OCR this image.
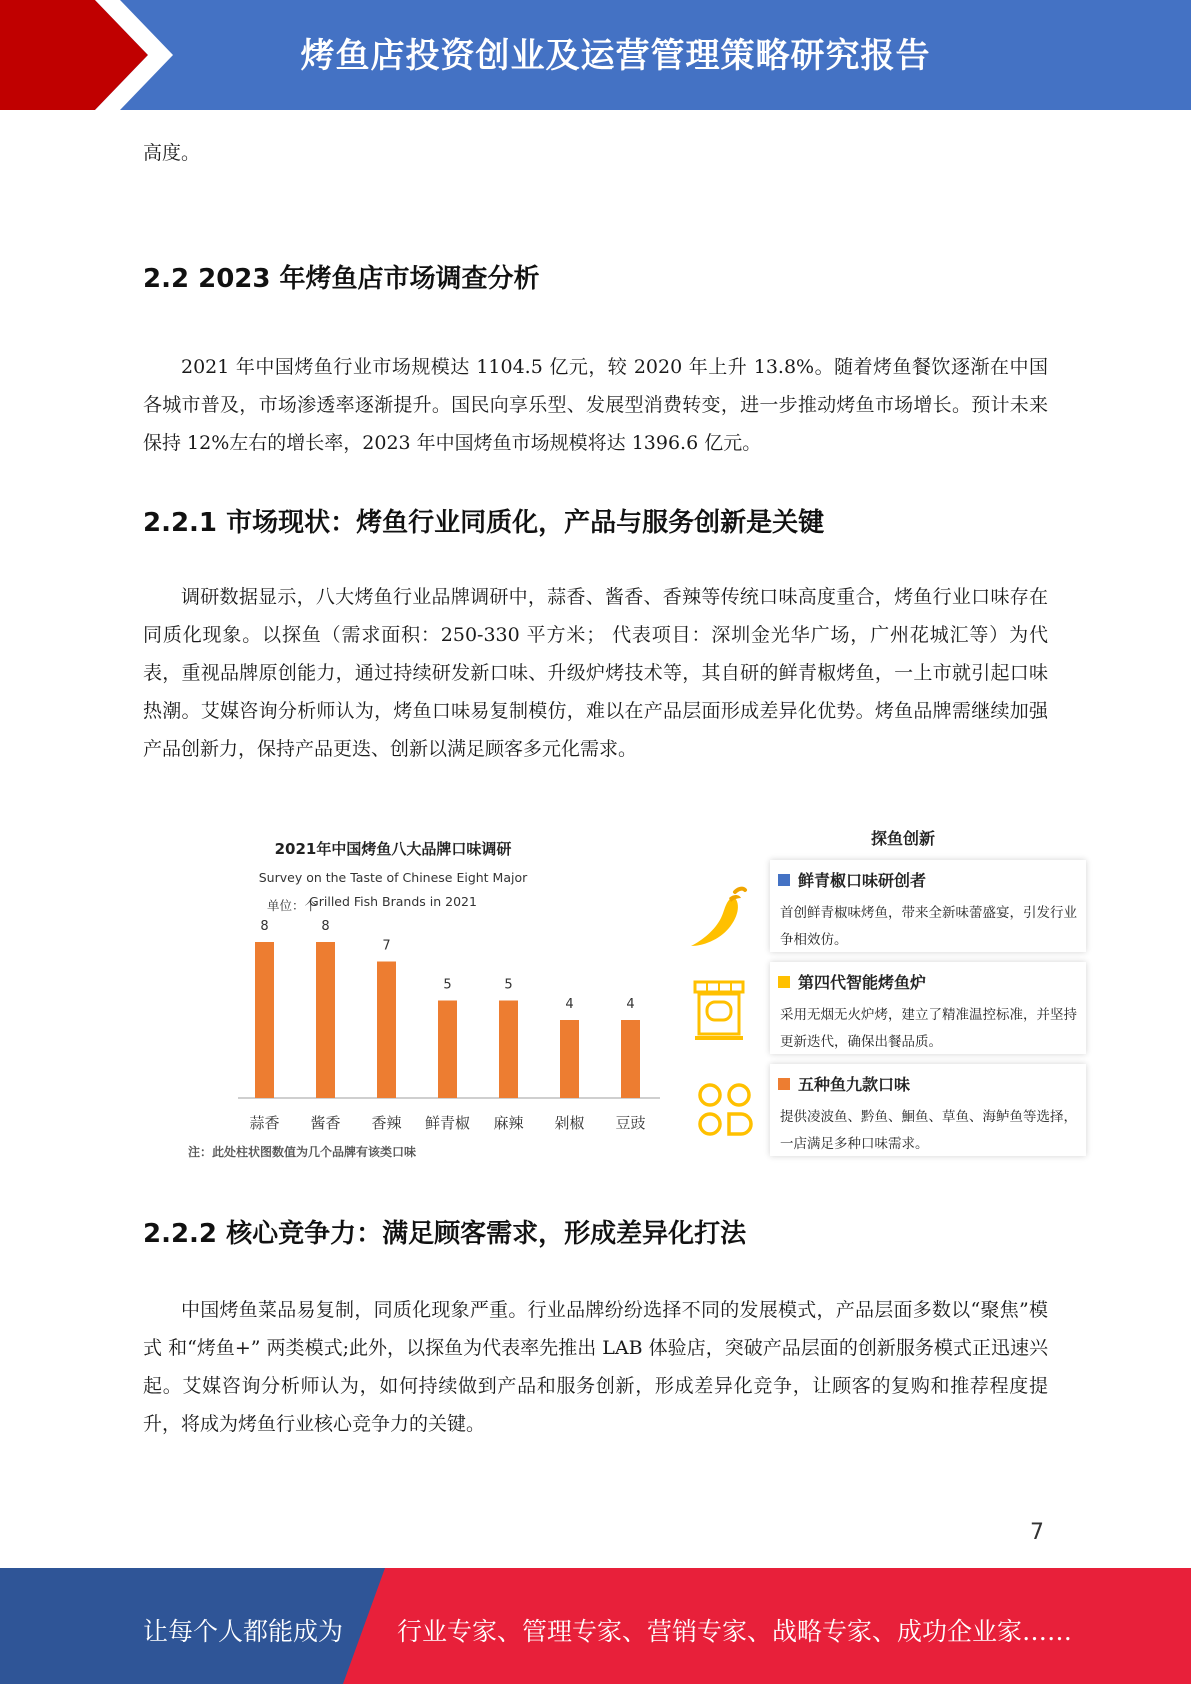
烤鱼店投资创业及运营管理策略研究报告

高度。

2.2 2023 年烤鱼店市场调查分析

2021 年中国烤鱼行业市场规模达 1104.5 亿元，较 2020 年上升 13.8%。随着烤鱼餐饮逐渐在中国各城市普及，市场渗透率逐渐提升。国民向享乐型、发展型消费转变，进一步推动烤鱼市场增长。预计未来保持 12%左右的增长率，2023 年中国烤鱼市场规模将达 1396.6 亿元。

2.2.1 市场现状：烤鱼行业同质化，产品与服务创新是关键

调研数据显示，八大烤鱼行业品牌调研中，蒜香、酱香、香辣等传统口味高度重合，烤鱼行业口味存在同质化现象。以探鱼（需求面积：250-330 平方米； 代表项目：深圳金光华广场，广州花城汇等）为代表，重视品牌原创能力，通过持续研发新口味、升级炉烤技术等，其自研的鲜青椒烤鱼，一上市就引起口味热潮。艾媒咨询分析师认为，烤鱼口味易复制模仿，难以在产品层面形成差异化优势。烤鱼品牌需继续加强产品创新力，保持产品更迭、创新以满足顾客多元化需求。

2021年中国烤鱼八大品牌口味调研
Survey on the Taste of Chinese Eight Major Grilled Fish Brands in 2021
单位：个
8
蒜香
8
酱香
7
香辣
5
鲜青椒
5
麻辣
4
剁椒
4
豆豉
注：此处柱状图数值为几个品牌有该类口味
探鱼创新
鲜青椒口味研创者
首创鲜青椒味烤鱼，带来全新味蕾盛宴，引发行业争相效仿。
第四代智能烤鱼炉
采用无烟无火炉烤，建立了精准温控标准，并坚持更新迭代，确保出餐品质。
五种鱼九款口味
提供凌波鱼、黔鱼、鮰鱼、草鱼、海鲈鱼等选择，一店满足多种口味需求。
2.2.2 核心竞争力：满足顾客需求，形成差异化打法

中国烤鱼菜品易复制，同质化现象严重。行业品牌纷纷选择不同的发展模式，产品层面多数以“聚焦”模式 和“烤鱼+” 两类模式;此外，以探鱼为代表率先推出 LAB 体验店，突破产品层面的创新服务模式正迅速兴起。艾媒咨询分析师认为，如何持续做到产品和服务创新，形成差异化竞争，让顾客的复购和推荐程度提升，将成为烤鱼行业核心竞争力的关键。

7
让每个人都能成为 行业专家、管理专家、营销专家、战略专家、成功企业家……
